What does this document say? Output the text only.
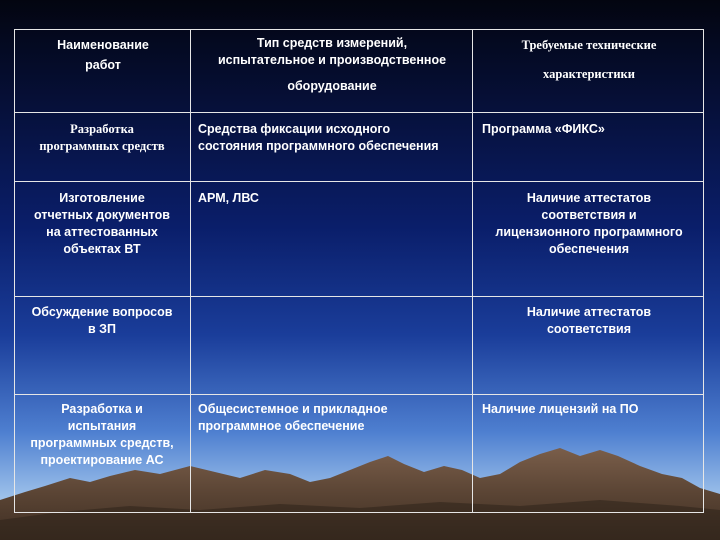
Наименование
работ
Тип средств измерений,
испытательное и производственное
оборудование
Требуемые технические
характеристики
Разработка
программных средств
Средства фиксации исходного
состояния программного обеспечения
Программа «ФИКС»
Изготовление
отчетных документов
на аттестованных
объектах ВТ
АРМ, ЛВС	Наличие аттестатов
соответствия и
лицензионного программного
обеспечения
Обсуждение вопросов
в ЗП
Наличие аттестатов
соответствия
Разработка и
испытания
программных средств,
проектирование АС
Общесистемное и прикладное
программное обеспечение
Наличие лицензий на ПО
